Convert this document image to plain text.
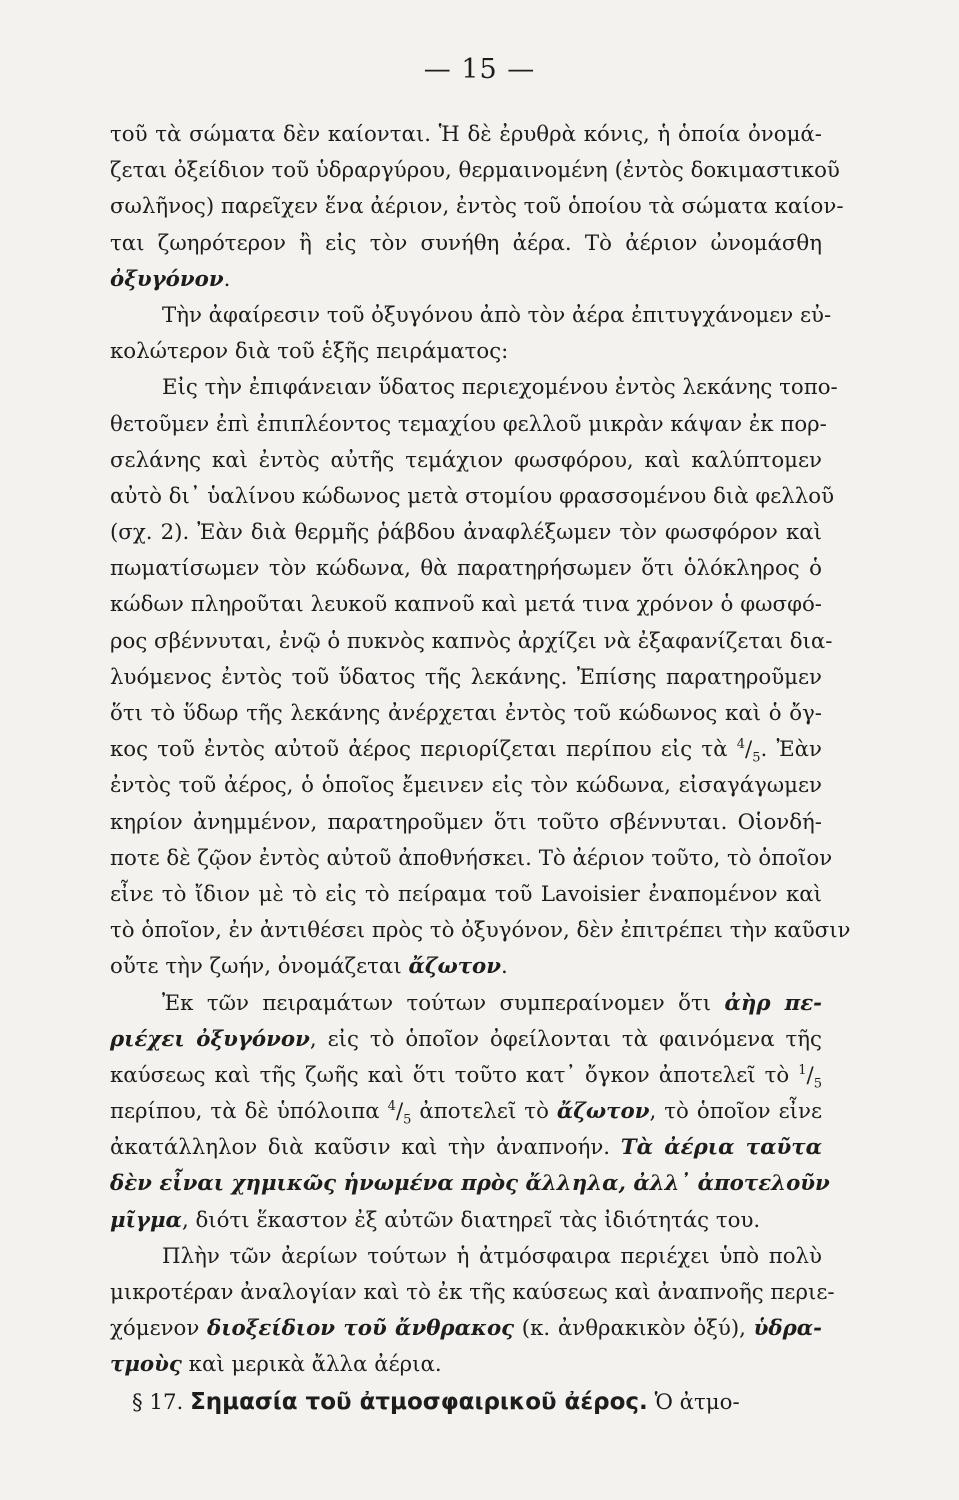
— 15 —
τοῦ τὰ σώματα δὲν καίονται. Ἡ δὲ ἐρυθρὰ κόνις, ἡ ὁποία ὀνομά-
ζεται ὀξείδιον τοῦ ὑδραργύρου, θερμαινομένη (ἐντὸς δοκιμαστικοῦ
σωλῆνος) παρεῖχεν ἕνα ἀέριον, ἐντὸς τοῦ ὁποίου τὰ σώματα καίον-
ται ζωηρότερον ἢ εἰς τὸν συνήθη ἀέρα. Τὸ ἀέριον ὠνομάσθη
ὀξυγόνον.
Τὴν ἀφαίρεσιν τοῦ ὀξυγόνου ἀπὸ τὸν ἀέρα ἐπιτυγχάνομεν εὐ-
κολώτερον διὰ τοῦ ἑξῆς πειράματος:
Εἰς τὴν ἐπιφάνειαν ὕδατος περιεχομένου ἐντὸς λεκάνης τοπο-
θετοῦμεν ἐπὶ ἐπιπλέοντος τεμαχίου φελλοῦ μικρὰν κάψαν ἐκ πορ-
σελάνης καὶ ἐντὸς αὐτῆς τεμάχιον φωσφόρου, καὶ καλύπτομεν
αὐτὸ δι᾽ ὑαλίνου κώδωνος μετὰ στομίου φρασσομένου διὰ φελλοῦ
(σχ. 2). Ἐὰν διὰ θερμῆς ῥάβδου ἀναφλέξωμεν τὸν φωσφόρον καὶ
πωματίσωμεν τὸν κώδωνα, θὰ παρατηρήσωμεν ὅτι ὁλόκληρος ὁ
κώδων πληροῦται λευκοῦ καπνοῦ καὶ μετά τινα χρόνον ὁ φωσφό-
ρος σβέννυται, ἐνῷ ὁ πυκνὸς καπνὸς ἀρχίζει νὰ ἐξαφανίζεται δια-
λυόμενος ἐντὸς τοῦ ὕδατος τῆς λεκάνης. Ἐπίσης παρατηροῦμεν
ὅτι τὸ ὕδωρ τῆς λεκάνης ἀνέρχεται ἐντὸς τοῦ κώδωνος καὶ ὁ ὄγ-
κος τοῦ ἐντὸς αὐτοῦ ἀέρος περιορίζεται περίπου εἰς τὰ $^4/_5$. Ἐὰν
ἐντὸς τοῦ ἀέρος, ὁ ὁποῖος ἔμεινεν εἰς τὸν κώδωνα, εἰσαγάγωμεν
κηρίον ἀνημμένον, παρατηροῦμεν ὅτι τοῦτο σβέννυται. Οἱονδή-
ποτε δὲ ζῷον ἐντὸς αὐτοῦ ἀποθνήσκει. Τὸ ἀέριον τοῦτο, τὸ ὁποῖον
εἶνε τὸ ἴδιον μὲ τὸ εἰς τὸ πείραμα τοῦ Lavoisier ἐναπομένον καὶ
τὸ ὁποῖον, ἐν ἀντιθέσει πρὸς τὸ ὀξυγόνον, δὲν ἐπιτρέπει τὴν καῦσιν
οὔτε τὴν ζωήν, ὀνομάζεται ἄζωτον.
Ἐκ τῶν πειραμάτων τούτων συμπεραίνομεν ὅτι ἀὴρ πε-
ριέχει ὀξυγόνον, εἰς τὸ ὁποῖον ὀφείλονται τὰ φαινόμενα τῆς
καύσεως καὶ τῆς ζωῆς καὶ ὅτι τοῦτο κατ᾽ ὄγκον ἀποτελεῖ τὸ $^1/_5$
περίπου, τὰ δὲ ὑπόλοιπα $^4/_5$ ἀποτελεῖ τὸ ἄζωτον, τὸ ὁποῖον εἶνε
ἀκατάλληλον διὰ καῦσιν καὶ τὴν ἀναπνοήν. Τὰ ἀέρια ταῦτα
δὲν εἶναι χημικῶς ἡνωμένα πρὸς ἄλληλα, ἀλλ᾽ ἀποτελοῦν
μῖγμα, διότι ἕκαστον ἐξ αὐτῶν διατηρεῖ τὰς ἰδιότητάς του.
Πλὴν τῶν ἀερίων τούτων ἡ ἀτμόσφαιρα περιέχει ὑπὸ πολὺ
μικροτέραν ἀναλογίαν καὶ τὸ ἐκ τῆς καύσεως καὶ ἀναπνοῆς περιε-
χόμενον διοξείδιον τοῦ ἄνθρακος (κ. ἀνθρακικὸν ὀξύ), ὑδρα-
τμοὺς καὶ μερικὰ ἄλλα ἀέρια.
§ 17. Σημασία τοῦ ἀτμοσφαιρικοῦ ἀέρος. Ὁ ἀτμο-
